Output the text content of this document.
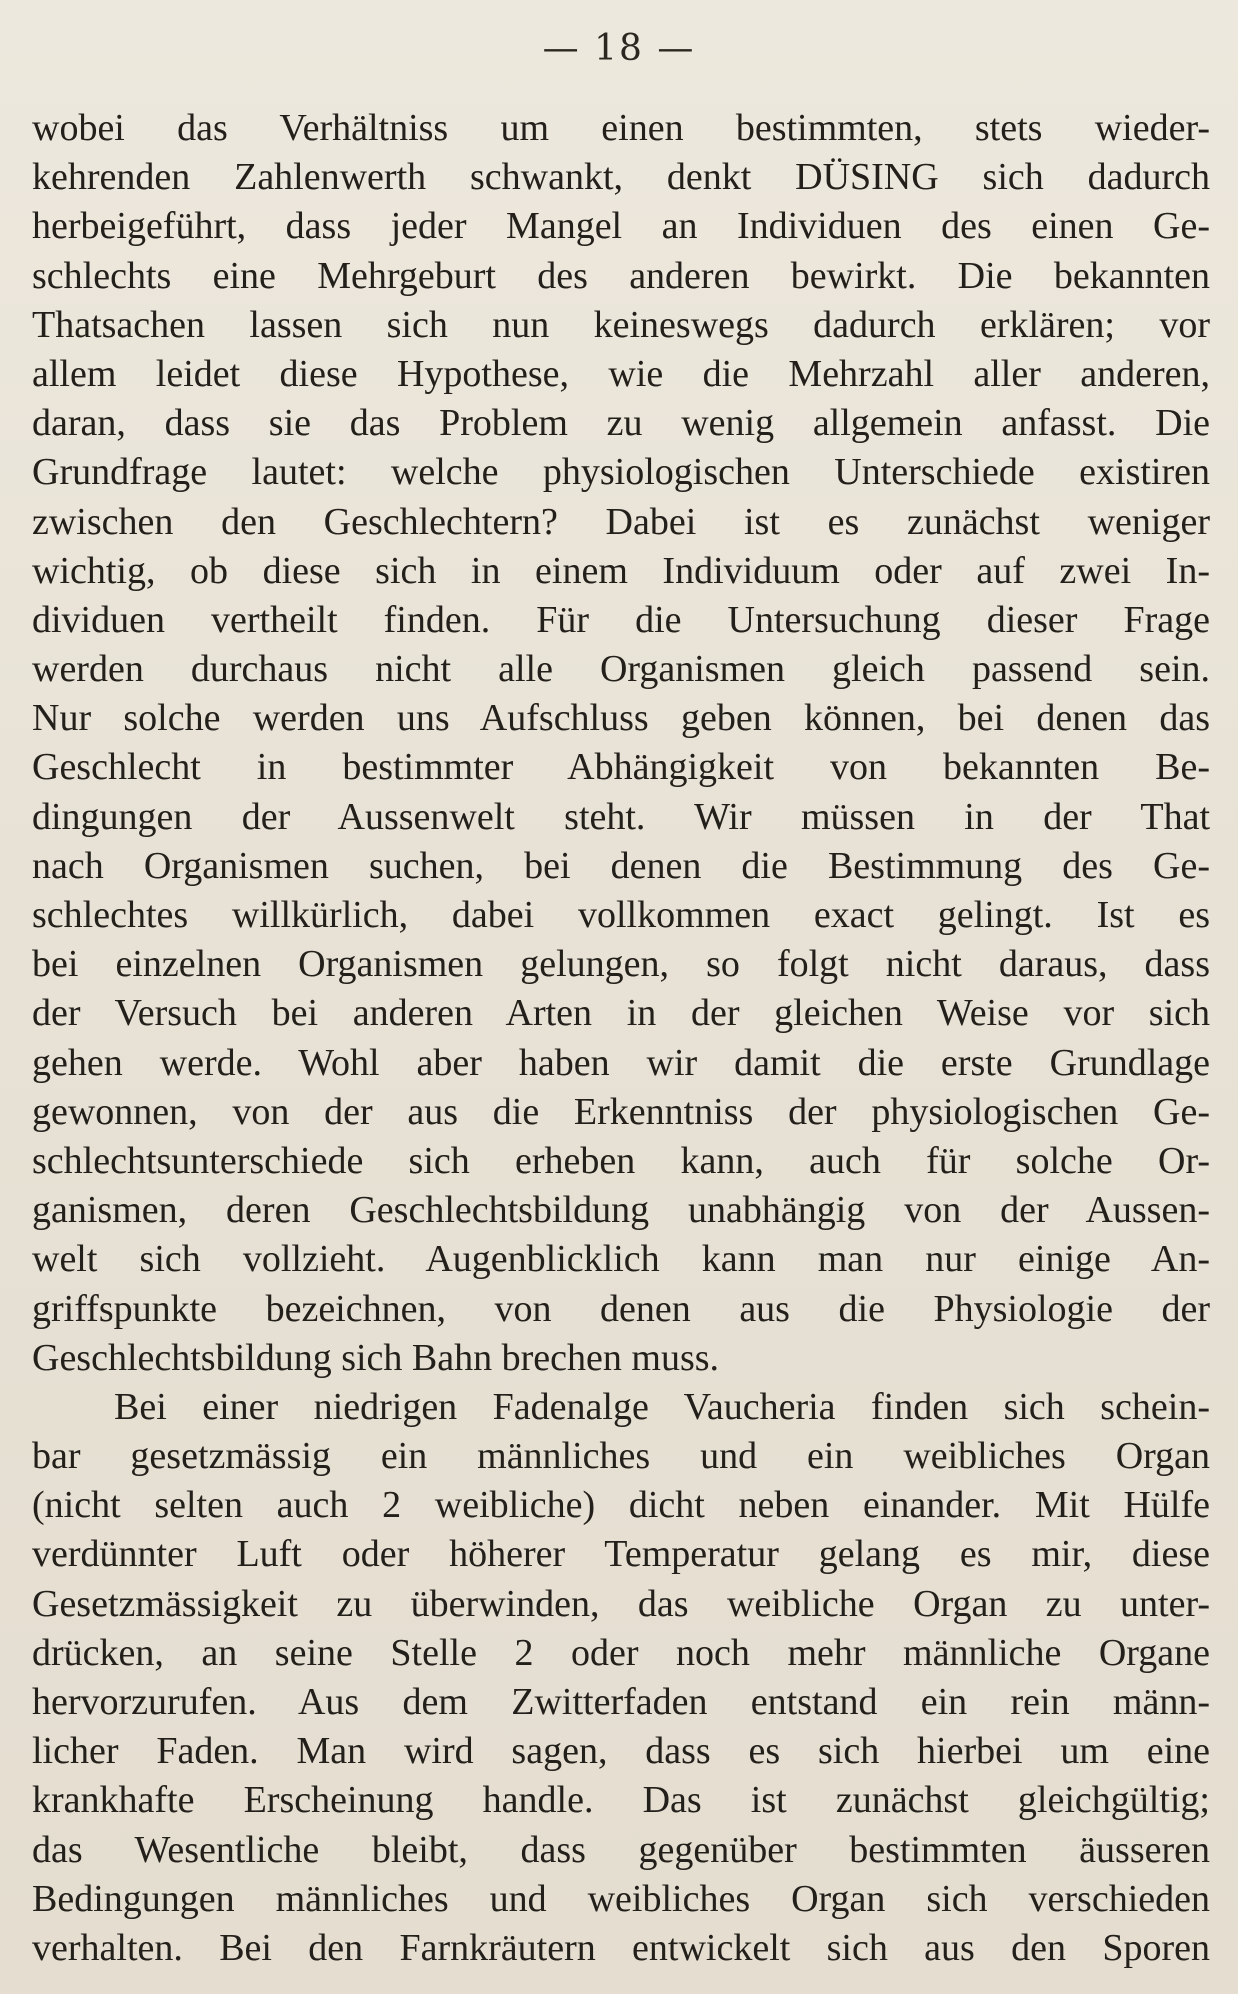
— 18 —
wobei das Verhältniss um einen bestimmten, stets wieder-
kehrenden Zahlenwerth schwankt, denkt DÜSING sich dadurch
herbeigeführt, dass jeder Mangel an Individuen des einen Ge-
schlechts eine Mehrgeburt des anderen bewirkt. Die bekannten
Thatsachen lassen sich nun keineswegs dadurch erklären; vor
allem leidet diese Hypothese, wie die Mehrzahl aller anderen,
daran, dass sie das Problem zu wenig allgemein anfasst. Die
Grundfrage lautet: welche physiologischen Unterschiede existiren
zwischen den Geschlechtern? Dabei ist es zunächst weniger
wichtig, ob diese sich in einem Individuum oder auf zwei In-
dividuen vertheilt finden. Für die Untersuchung dieser Frage
werden durchaus nicht alle Organismen gleich passend sein.
Nur solche werden uns Aufschluss geben können, bei denen das
Geschlecht in bestimmter Abhängigkeit von bekannten Be-
dingungen der Aussenwelt steht. Wir müssen in der That
nach Organismen suchen, bei denen die Bestimmung des Ge-
schlechtes willkürlich, dabei vollkommen exact gelingt. Ist es
bei einzelnen Organismen gelungen, so folgt nicht daraus, dass
der Versuch bei anderen Arten in der gleichen Weise vor sich
gehen werde. Wohl aber haben wir damit die erste Grundlage
gewonnen, von der aus die Erkenntniss der physiologischen Ge-
schlechtsunterschiede sich erheben kann, auch für solche Or-
ganismen, deren Geschlechtsbildung unabhängig von der Aussen-
welt sich vollzieht. Augenblicklich kann man nur einige An-
griffspunkte bezeichnen, von denen aus die Physiologie der
Geschlechtsbildung sich Bahn brechen muss.
Bei einer niedrigen Fadenalge Vaucheria finden sich schein-
bar gesetzmässig ein männliches und ein weibliches Organ
(nicht selten auch 2 weibliche) dicht neben einander. Mit Hülfe
verdünnter Luft oder höherer Temperatur gelang es mir, diese
Gesetzmässigkeit zu überwinden, das weibliche Organ zu unter-
drücken, an seine Stelle 2 oder noch mehr männliche Organe
hervorzurufen. Aus dem Zwitterfaden entstand ein rein männ-
licher Faden. Man wird sagen, dass es sich hierbei um eine
krankhafte Erscheinung handle. Das ist zunächst gleichgültig;
das Wesentliche bleibt, dass gegenüber bestimmten äusseren
Bedingungen männliches und weibliches Organ sich verschieden
verhalten. Bei den Farnkräutern entwickelt sich aus den Sporen
